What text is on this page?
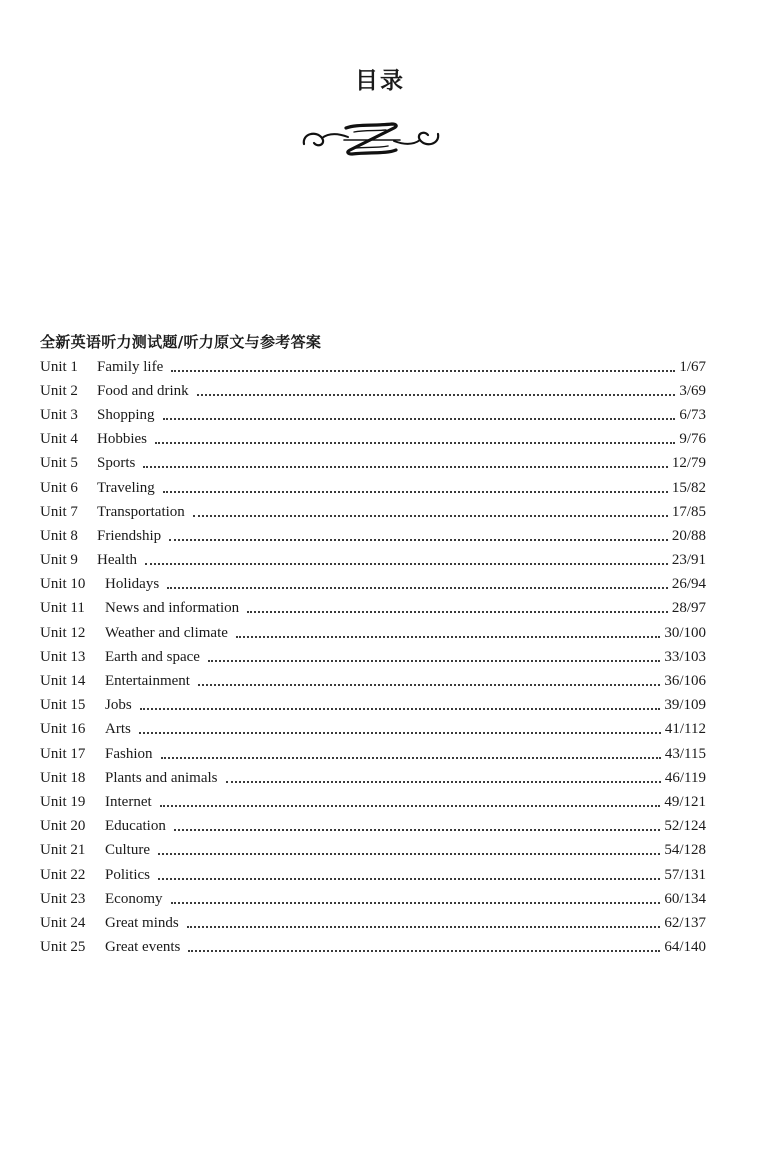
目录
全新英语听力测试题/听力原文与参考答案
Unit 1	Family life	1/67
Unit 2	Food and drink	3/69
Unit 3	Shopping	6/73
Unit 4	Hobbies	9/76
Unit 5	Sports	12/79
Unit 6	Traveling	15/82
Unit 7	Transportation	17/85
Unit 8	Friendship	20/88
Unit 9	Health	23/91
Unit 10	Holidays	26/94
Unit 11	News and information	28/97
Unit 12	Weather and climate	30/100
Unit 13	Earth and space	33/103
Unit 14	Entertainment	36/106
Unit 15	Jobs	39/109
Unit 16	Arts	41/112
Unit 17	Fashion	43/115
Unit 18	Plants and animals	46/119
Unit 19	Internet	49/121
Unit 20	Education	52/124
Unit 21	Culture	54/128
Unit 22	Politics	57/131
Unit 23	Economy	60/134
Unit 24	Great minds	62/137
Unit 25	Great events	64/140
